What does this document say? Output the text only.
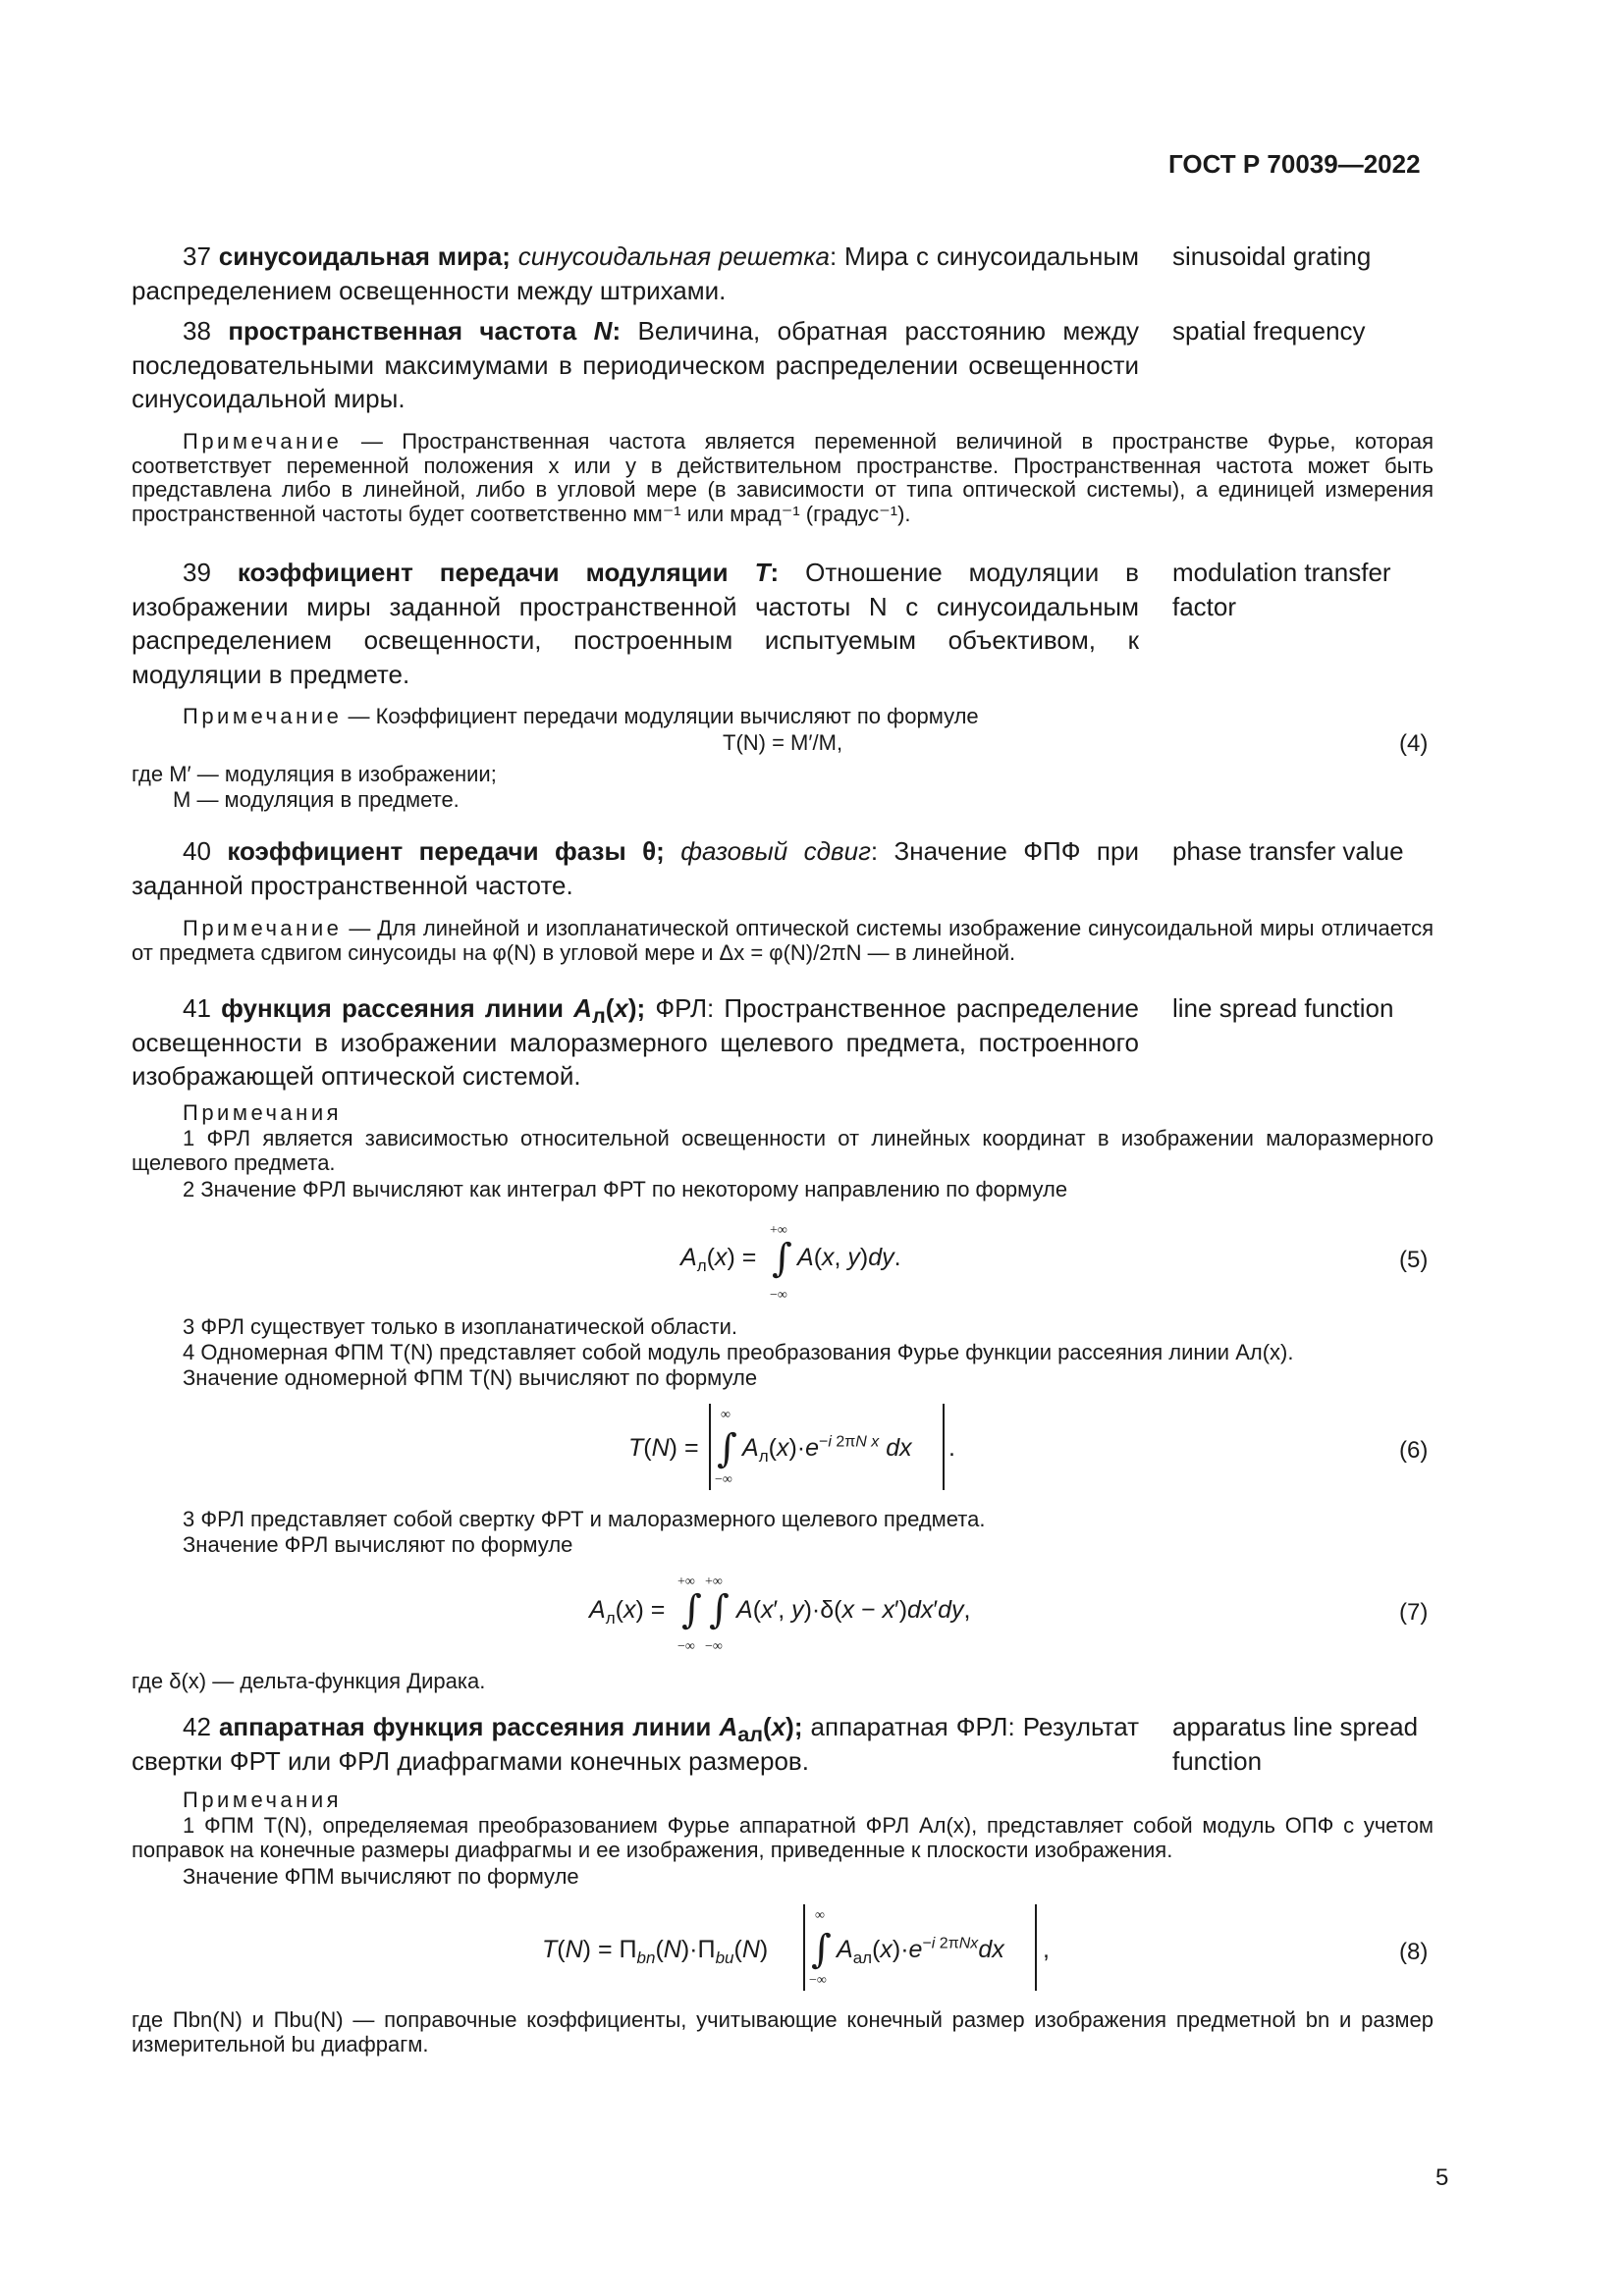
ГОСТ Р 70039—2022
37 синусоидальная мира; синусоидальная решетка: Мира с синусоидальным распределением освещенности между штрихами.
sinusoidal grating
38 пространственная частота N: Величина, обратная расстоянию между последовательными максимумами в периодическом распределении освещенности синусоидальной миры.
spatial frequency
Примечание — Пространственная частота является переменной величиной в пространстве Фурье, которая соответствует переменной положения x или y в действительном пространстве. Пространственная частота может быть представлена либо в линейной, либо в угловой мере (в зависимости от типа оптической системы), а единицей измерения пространственной частоты будет соответственно мм⁻¹ или мрад⁻¹ (градус⁻¹).
39 коэффициент передачи модуляции T: Отношение модуляции в изображении миры заданной пространственной частоты N с синусоидальным распределением освещенности, построенным испытуемым объективом, к модуляции в предмете.
modulation transfer factor
Примечание — Коэффициент передачи модуляции вычисляют по формуле
T(N) = M′/M,	(4)
где M′ — модуляция в изображении;
M — модуляция в предмете.
40 коэффициент передачи фазы θ; фазовый сдвиг: Значение ФПФ при заданной пространственной частоте.
phase transfer value
Примечание — Для линейной и изопланатической оптической системы изображение синусоидальной миры отличается от предмета сдвигом синусоиды на φ(N) в угловой мере и Δx = φ(N)/2πN — в линейной.
41 функция рассеяния линии $A_л(x)$; ФРЛ: Пространственное распределение освещенности в изображении малоразмерного щелевого предмета, построенного изображающей оптической системой.
line spread function
Примечания
1 ФРЛ является зависимостью относительной освещенности от линейных координат в изображении малоразмерного щелевого предмета.
2 Значение ФРЛ вычисляют как интеграл ФРТ по некоторому направлению по формуле
$A_л(x)$ =
+∞
∫
−∞
A(x, y)dy.	(5)
3 ФРЛ существует только в изопланатической области.
4 Одномерная ФПМ T(N) представляет собой модуль преобразования Фурье функции рассеяния линии Aл(x).
Значение одномерной ФПМ T(N) вычисляют по формуле
T(N) =
∞
∫
−∞
$A_л(x)\cdot e^{-i 2\pi N x}$ dx .	(6)
3 ФРЛ представляет собой свертку ФРТ и малоразмерного щелевого предмета.
Значение ФРЛ вычисляют по формуле
$A_л(x)$ =
+∞ +∞
∫ ∫
−∞ −∞
A(x′, y)·δ(x − x′)dx′dy,	(7)
где δ(x) — дельта-функция Дирака.
42 аппаратная функция рассеяния линии $A_{ал}(x)$; аппаратная ФРЛ: Результат свертки ФРТ или ФРЛ диафрагмами конечных размеров.
apparatus line spread function
Примечания
1 ФПМ T(N), определяемая преобразованием Фурье аппаратной ФРЛ Aл(x), представляет собой модуль ОПФ с учетом поправок на конечные размеры диафрагмы и ее изображения, приведенные к плоскости изображения.
Значение ФПМ вычисляют по формуле
$T(N) = \Pi_{bn}(N)\cdot\Pi_{bu}(N)$
∞
∫
−∞
$A_{ал}(x)\cdot e^{-i 2\pi Nx}dx$ ,	(8)
где Πbn(N) и Πbu(N) — поправочные коэффициенты, учитывающие конечный размер изображения предметной bn и размер измерительной bu диафрагм.
5
